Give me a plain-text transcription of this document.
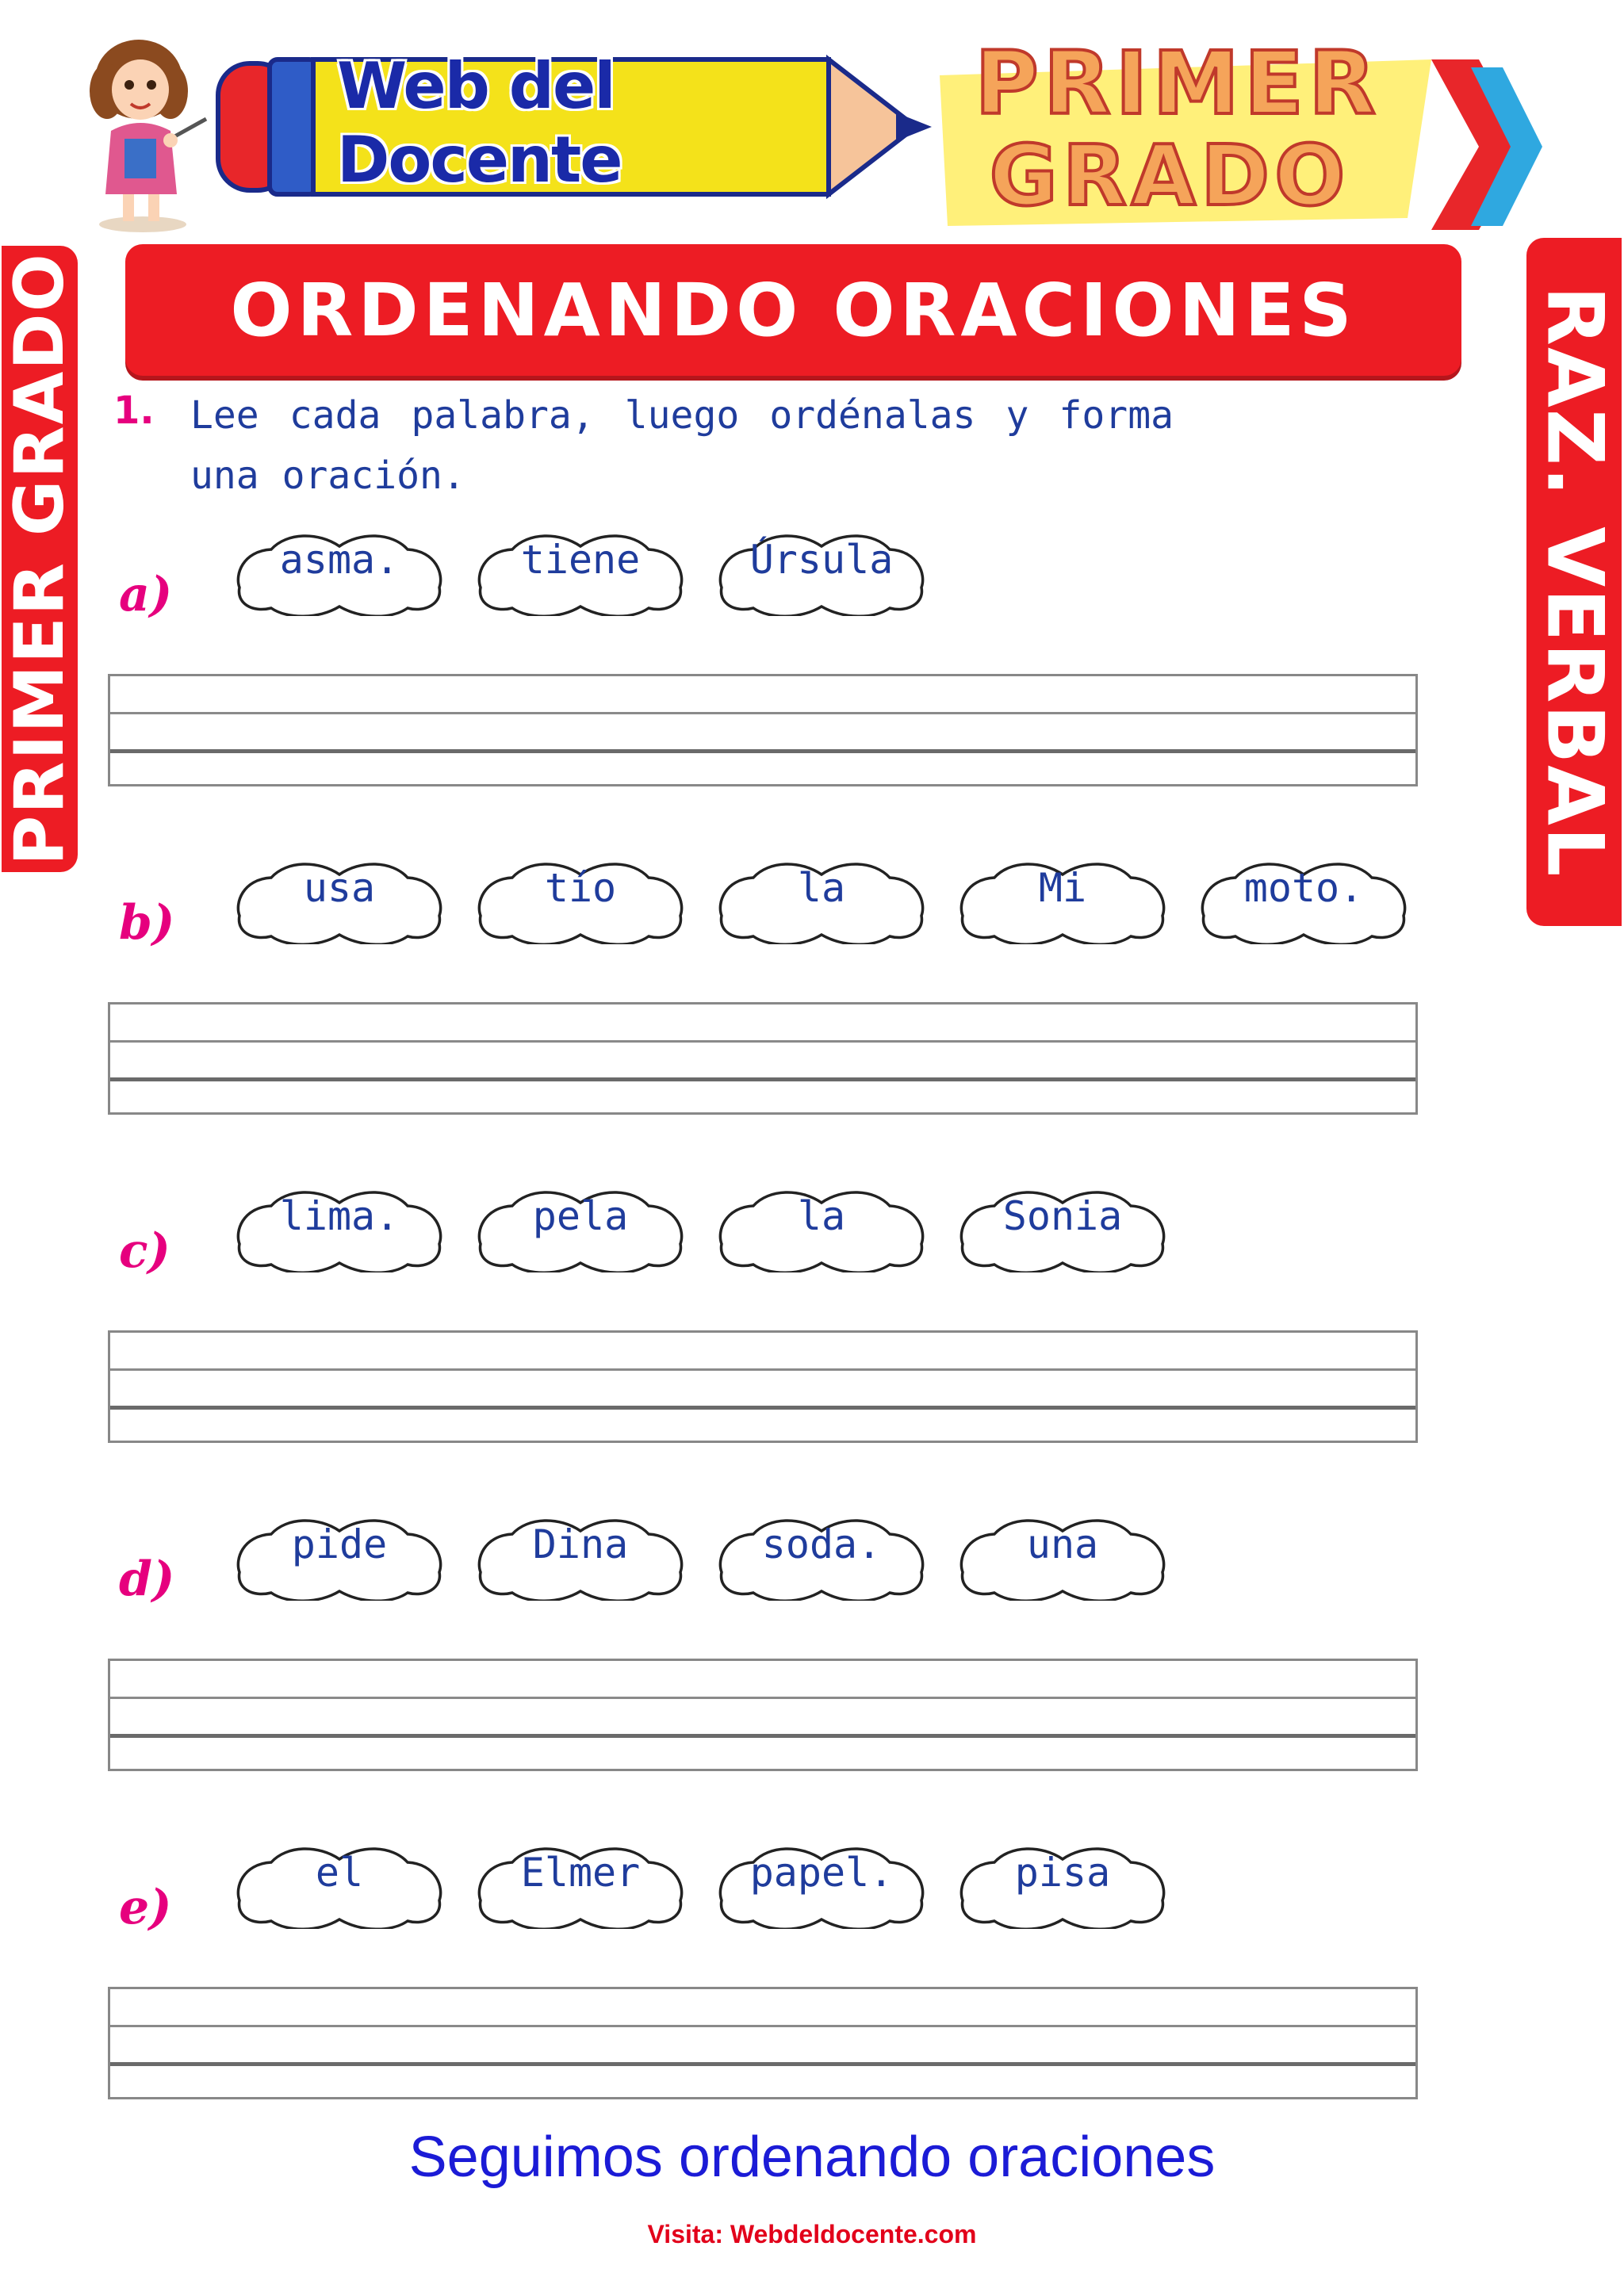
Web del Docente
PRIMER
GRADO
PRIMER GRADO	RAZ. VERBAL
ORDENANDO ORACIONES
1. Lee cada palabra, luego ordénalas y forma una oración.
a)
asma.	tiene	Úrsula
b)
usa	tío	la	Mi	moto.
c)
lima.	pela	la	Sonia
d)
pide	Dina	soda.	una
e)
el	Elmer	papel.	pisa
Seguimos ordenando oraciones
Visita: Webdeldocente.com
